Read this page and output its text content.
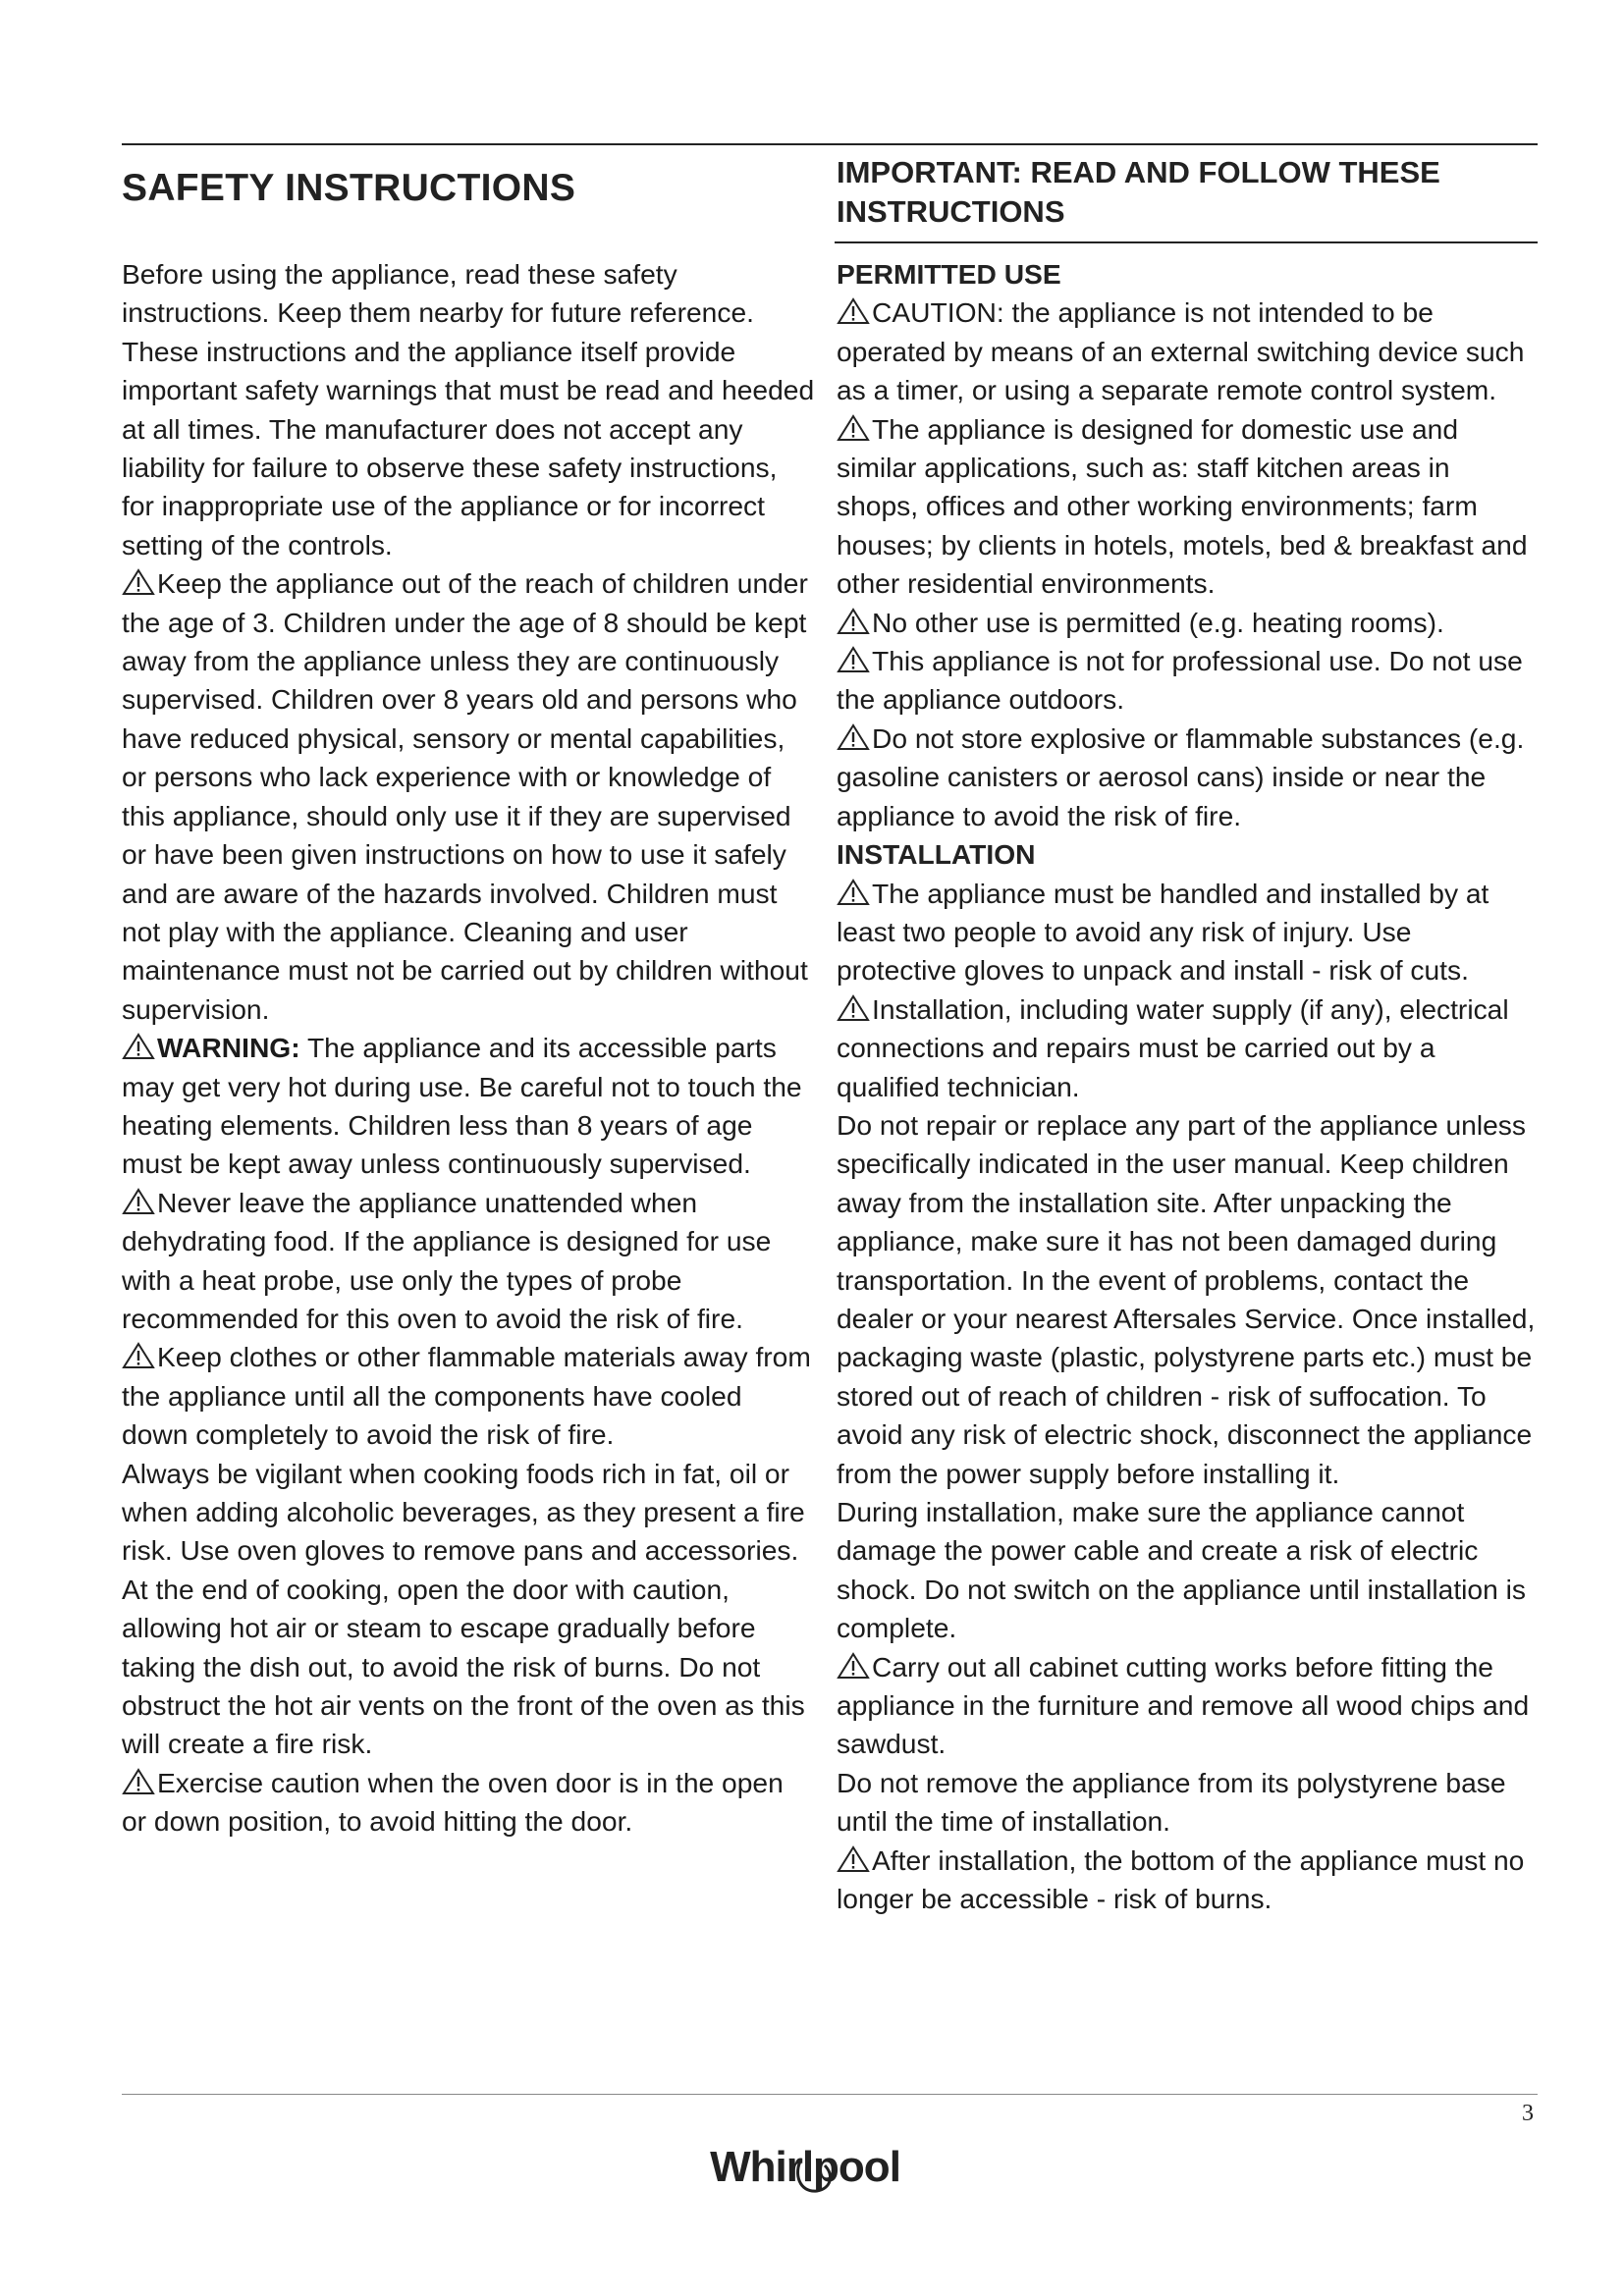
SAFETY INSTRUCTIONS	IMPORTANT: READ AND FOLLOW THESE INSTRUCTIONS

Before using the appliance, read these safety instructions. Keep them nearby for future reference.

These instructions and the appliance itself provide important safety warnings that must be read and heeded at all times. The manufacturer does not accept any liability for failure to observe these safety instructions, for inappropriate use of the appliance or for incorrect setting of the controls.

Keep the appliance out of the reach of children under the age of 3. Children under the age of 8 should be kept away from the appliance unless they are continuously supervised. Children over 8 years old and persons who have reduced physical, sensory or mental capabilities, or persons who lack experience with or knowledge of this appliance, should only use it if they are supervised or have been given instructions on how to use it safely and are aware of the hazards involved. Children must not play with the appliance. Cleaning and user maintenance must not be carried out by children without supervision.

WARNING: The appliance and its accessible parts may get very hot during use. Be careful not to touch the heating elements. Children less than 8 years of age must be kept away unless continuously supervised.

Never leave the appliance unattended when dehydrating food. If the appliance is designed for use with a heat probe, use only the types of probe recommended for this oven to avoid the risk of fire.

Keep clothes or other flammable materials away from the appliance until all the components have cooled down completely to avoid the risk of fire.

Always be vigilant when cooking foods rich in fat, oil or when adding alcoholic beverages, as they present a fire risk. Use oven gloves to remove pans and accessories.

At the end of cooking, open the door with caution, allowing hot air or steam to escape gradually before taking the dish out, to avoid the risk of burns. Do not obstruct the hot air vents on the front of the oven as this will create a fire risk.

Exercise caution when the oven door is in the open or down position, to avoid hitting the door.

PERMITTED USE

CAUTION: the appliance is not intended to be operated by means of an external switching device such as a timer, or using a separate remote control system.

The appliance is designed for domestic use and similar applications, such as: staff kitchen areas in shops, offices and other working environments; farm houses; by clients in hotels, motels, bed & breakfast and other residential environments.

No other use is permitted (e.g. heating rooms).

This appliance is not for professional use. Do not use the appliance outdoors.

Do not store explosive or flammable substances (e.g. gasoline canisters or aerosol cans) inside or near the appliance to avoid the risk of fire.

INSTALLATION

The appliance must be handled and installed by at least two people to avoid any risk of injury. Use protective gloves to unpack and install - risk of cuts.

Installation, including water supply (if any), electrical connections and repairs must be carried out by a qualified technician.

Do not repair or replace any part of the appliance unless specifically indicated in the user manual. Keep children away from the installation site. After unpacking the appliance, make sure it has not been damaged during transportation. In the event of problems, contact the dealer or your nearest Aftersales Service. Once installed, packaging waste (plastic, polystyrene parts etc.) must be stored out of reach of children - risk of suffocation. To avoid any risk of electric shock, disconnect the appliance from the power supply before installing it.

During installation, make sure the appliance cannot damage the power cable and create a risk of electric shock. Do not switch on the appliance until installation is complete.

Carry out all cabinet cutting works before fitting the appliance in the furniture and remove all wood chips and sawdust.

Do not remove the appliance from its polystyrene base until the time of installation.

After installation, the bottom of the appliance must no longer be accessible - risk of burns.

3
Whirlpool
